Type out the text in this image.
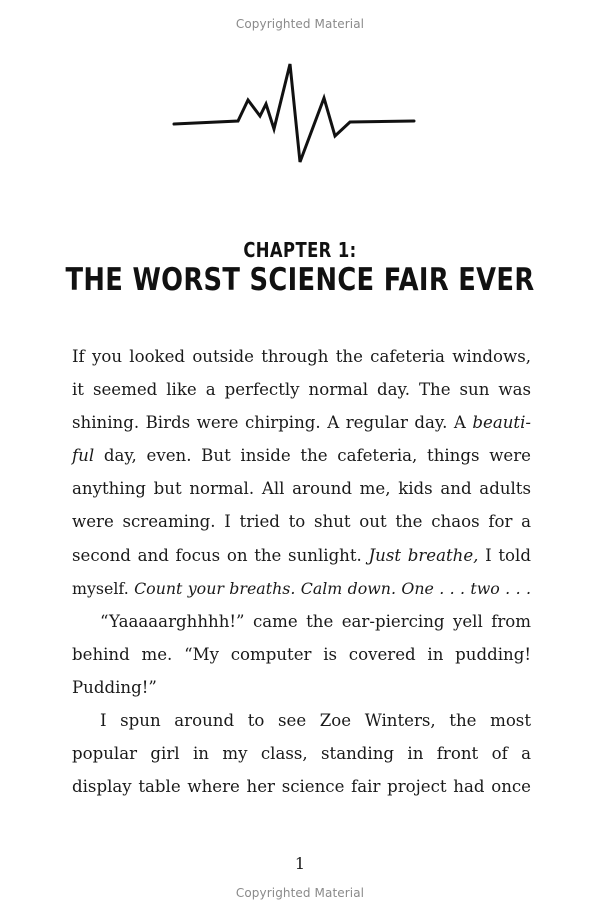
Copyrighted Material
CHAPTER 1:
THE WORST SCIENCE FAIR EVER
If you looked outside through the cafeteria windows,
it seemed like a perfectly normal day. The sun was
shining. Birds were chirping. A regular day. A beauti-
ful day, even. But inside the cafeteria, things were
anything but normal. All around me, kids and adults
were screaming. I tried to shut out the chaos for a
second and focus on the sunlight. Just breathe, I told
myself. Count your breaths. Calm down. One . . . two . . .
“Yaaaaarghhhh!” came the ear-piercing yell from
behind me. “My computer is covered in pudding!
Pudding!”
I spun around to see Zoe Winters, the most
popular girl in my class, standing in front of a
display table where her science fair project had once
1
Copyrighted Material
